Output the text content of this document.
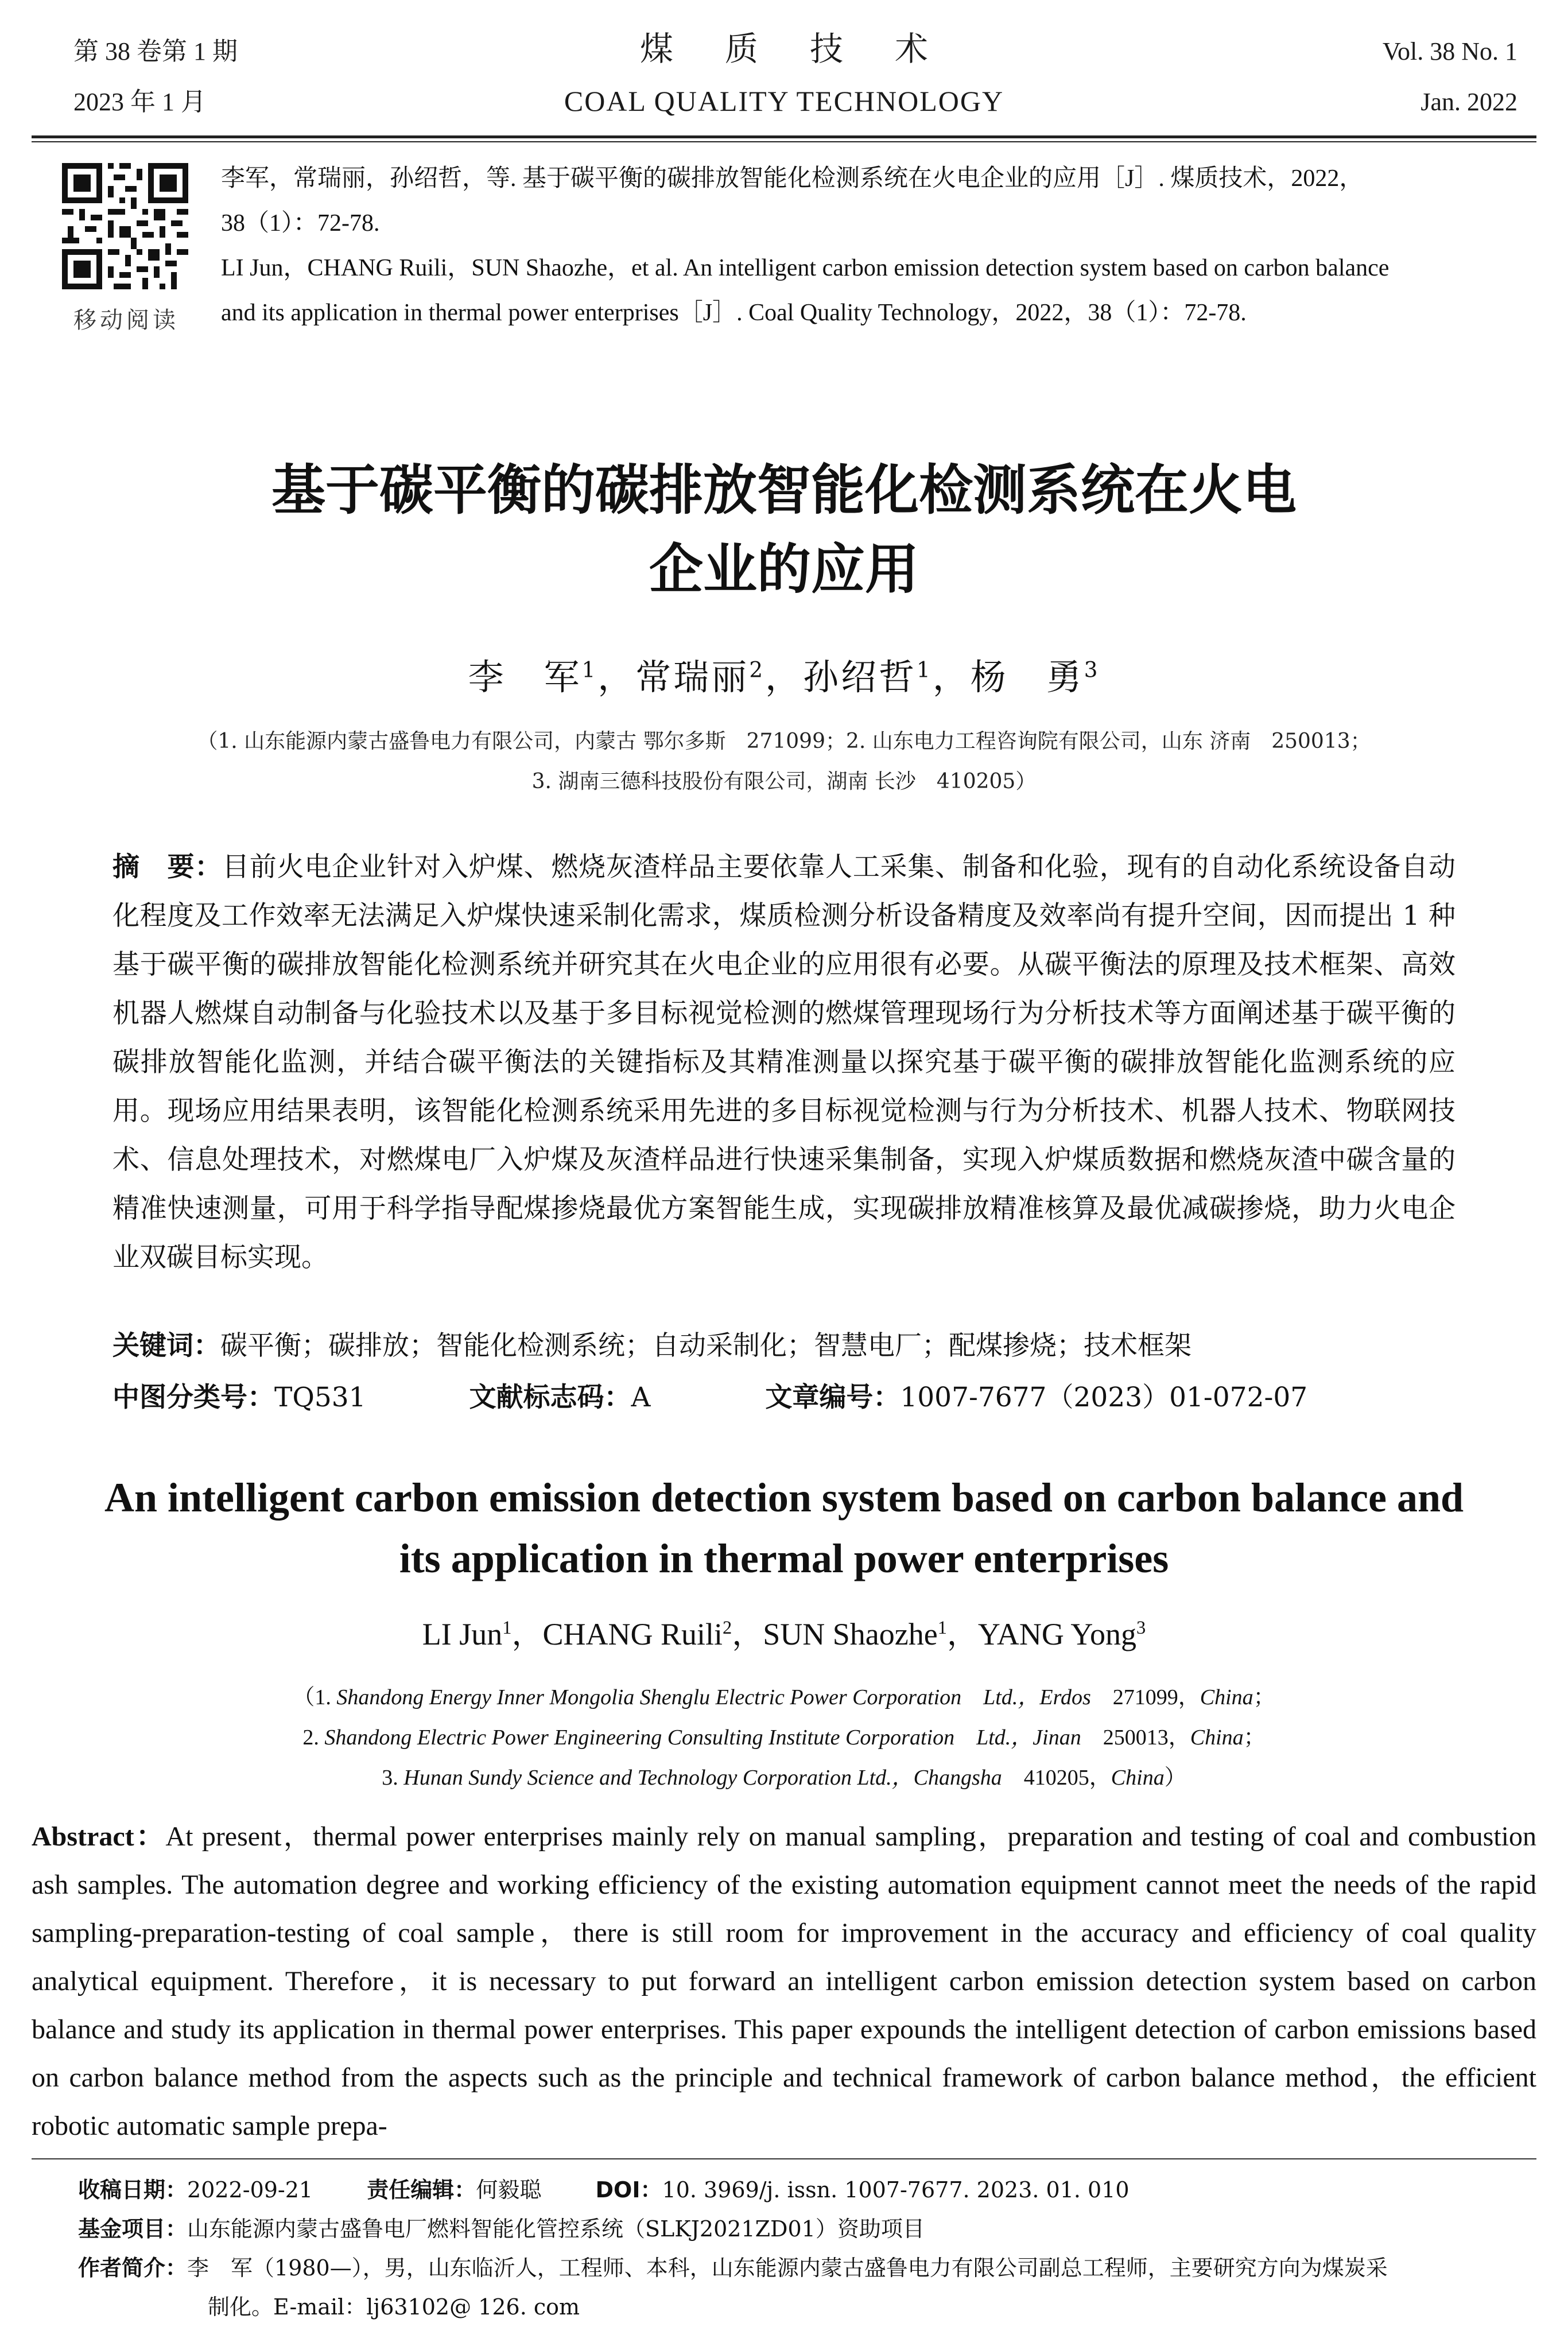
第 38 卷第 1 期
2023 年 1 月
煤质技术
COAL QUALITY TECHNOLOGY
Vol. 38 No. 1
Jan. 2022
移动阅读
李军，常瑞丽，孙绍哲，等. 基于碳平衡的碳排放智能化检测系统在火电企业的应用［J］. 煤质技术，2022，
38（1）：72-78.
LI Jun，CHANG Ruili，SUN Shaozhe，et al. An intelligent carbon emission detection system based on carbon balance
and its application in thermal power enterprises［J］. Coal Quality Technology，2022，38（1）：72-78.
基于碳平衡的碳排放智能化检测系统在火电
企业的应用
李　军$^1$，常瑞丽$^2$，孙绍哲$^1$，杨　勇$^3$
（1. 山东能源内蒙古盛鲁电力有限公司，内蒙古 鄂尔多斯　271099；2. 山东电力工程咨询院有限公司，山东 济南　250013；
3. 湖南三德科技股份有限公司，湖南 长沙　410205）
摘　要：目前火电企业针对入炉煤、燃烧灰渣样品主要依靠人工采集、制备和化验，现有的自动化系统设备自动化程度及工作效率无法满足入炉煤快速采制化需求，煤质检测分析设备精度及效率尚有提升空间，因而提出 1 种基于碳平衡的碳排放智能化检测系统并研究其在火电企业的应用很有必要。从碳平衡法的原理及技术框架、高效机器人燃煤自动制备与化验技术以及基于多目标视觉检测的燃煤管理现场行为分析技术等方面阐述基于碳平衡的碳排放智能化监测，并结合碳平衡法的关键指标及其精准测量以探究基于碳平衡的碳排放智能化监测系统的应用。现场应用结果表明，该智能化检测系统采用先进的多目标视觉检测与行为分析技术、机器人技术、物联网技术、信息处理技术，对燃煤电厂入炉煤及灰渣样品进行快速采集制备，实现入炉煤质数据和燃烧灰渣中碳含量的精准快速测量，可用于科学指导配煤掺烧最优方案智能生成，实现碳排放精准核算及最优减碳掺烧，助力火电企业双碳目标实现。
关键词：碳平衡；碳排放；智能化检测系统；自动采制化；智慧电厂；配煤掺烧；技术框架
中图分类号：TQ531	文献标志码：A	文章编号：1007-7677（2023）01-072-07
An intelligent carbon emission detection system based on carbon balance and
its application in thermal power enterprises
LI Jun$^1$，CHANG Ruili$^2$，SUN Shaozhe$^1$，YANG Yong$^3$
（1. Shandong Energy Inner Mongolia Shenglu Electric Power Corporation　Ltd.，Erdos　271099，China；
2. Shandong Electric Power Engineering Consulting Institute Corporation　Ltd.，Jinan　250013，China；
3. Hunan Sundy Science and Technology Corporation Ltd.，Changsha　410205，China）
Abstract：At present，thermal power enterprises mainly rely on manual sampling，preparation and testing of coal and combustion ash samples. The automation degree and working efficiency of the existing automation equipment cannot meet the needs of the rapid sampling-preparation-testing of coal sample，there is still room for improvement in the accuracy and efficiency of coal quality analytical equipment. Therefore，it is necessary to put forward an intelligent carbon emission detection system based on carbon balance and study its application in thermal power enterprises. This paper expounds the intelligent detection of carbon emissions based on carbon balance method from the aspects such as the principle and technical framework of carbon balance method，the efficient robotic automatic sample prepa-
收稿日期：2022-09-21 责任编辑：何毅聪 DOI：10. 3969/j. issn. 1007-7677. 2023. 01. 010
基金项目：山东能源内蒙古盛鲁电厂燃料智能化管控系统（SLKJ2021ZD01）资助项目
作者简介：李　军（1980—），男，山东临沂人，工程师、本科，山东能源内蒙古盛鲁电力有限公司副总工程师，主要研究方向为煤炭采
制化。E-mail：lj63102@ 126. com
